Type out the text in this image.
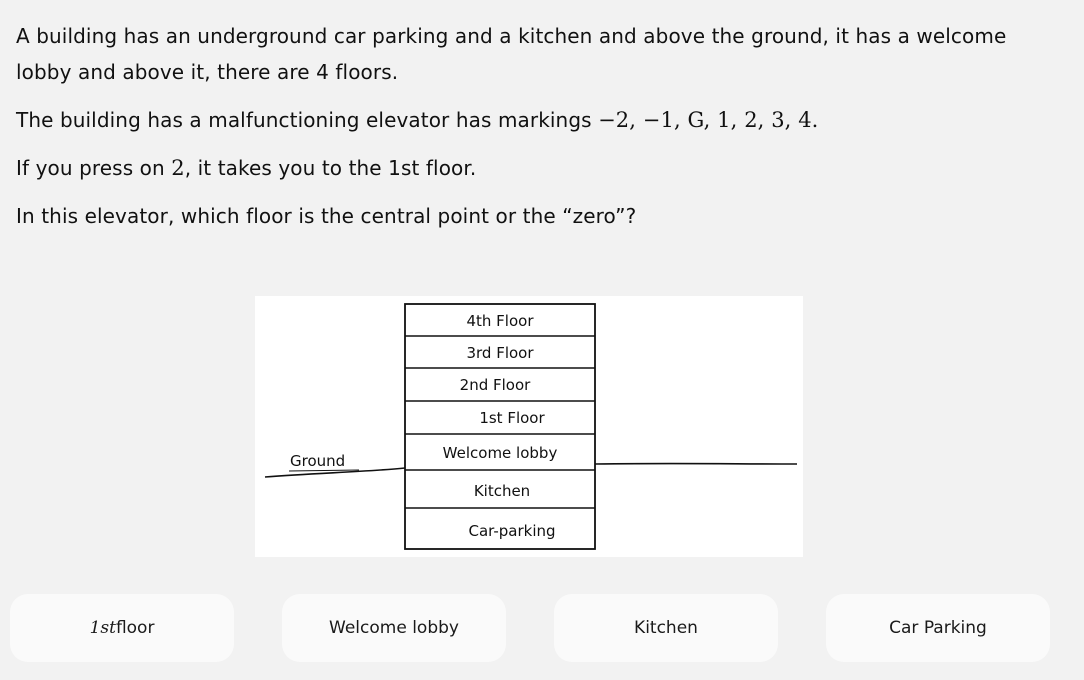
A building has an underground car parking and a kitchen and above the ground, it has a welcome lobby and above it, there are 4 floors.

The building has a malfunctioning elevator has markings −2, −1, G, 1, 2, 3, 4.

If you press on 2, it takes you to the 1st floor.

In this elevator, which floor is the central point or the “zero”?

Ground
4th Floor
3rd Floor
2nd Floor
1st Floor
Welcome lobby
Kitchen
Car-parking
1st floor	Welcome lobby	Kitchen	Car Parking
